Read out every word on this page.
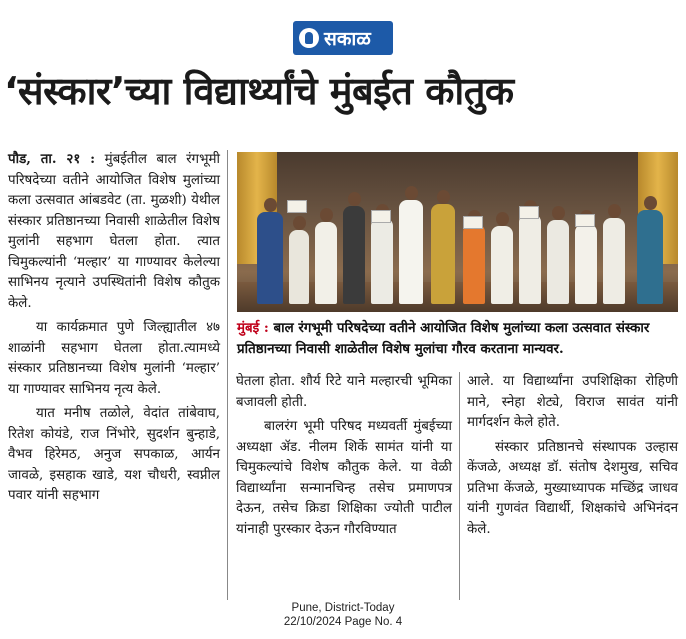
सकाळ
‘संस्कार’च्या विद्यार्थ्यांचे मुंबईत कौतुक

पौड, ता. २१ : मुंबईतील बाल रंगभूमी परिषदेच्या वतीने आयोजित विशेष मुलांच्या कला उत्सवात आंबडवेट (ता. मुळशी) येथील संस्कार प्रतिष्ठानच्या निवासी शाळेतील विशेष मुलांनी सहभाग घेतला होता. त्यात चिमुकल्यांनी ‘मल्हार’ या गाण्यावर केलेल्या साभिनय नृत्याने उपस्थितांनी विशेष कौतुक केले.

या कार्यक्रमात पुणे जिल्ह्यातील ४७ शाळांनी सहभाग घेतला होता.त्यामध्ये संस्कार प्रतिष्ठानच्या विशेष मुलांनी ‘मल्हार’ या गाण्यावर साभिनय नृत्य केले.

यात मनीष तळोले, वेदांत तांबेवाघ, रितेश कोयंडे, राज निंभोरे, सुदर्शन बुन्हाडे, वैभव हिरेमठ, अनुज सपकाळ, आर्यन जावळे, इसहाक खाडे, यश चौधरी, स्वप्नील पवार यांनी सहभाग

मुंबई : बाल रंगभूमी परिषदेच्या वतीने आयोजित विशेष मुलांच्या कला उत्सवात संस्कार प्रतिष्ठानच्या निवासी शाळेतील विशेष मुलांचा गौरव करताना मान्यवर.

घेतला होता. शौर्य रिटे याने मल्हारची भूमिका बजावली होती.

बालरंग भूमी परिषद मध्यवर्ती मुंबईच्या अध्यक्षा ॲड. नीलम शिर्के सामंत यांनी या चिमुकल्यांचे विशेष कौतुक केले. या वेळी विद्यार्थ्यांना सन्मानचिन्ह तसेच प्रमाणपत्र देऊन, तसेच क्रिडा शिक्षिका ज्योती पाटील यांनाही पुरस्कार देऊन गौरविण्यात

आले. या विद्यार्थ्यांना उपशिक्षिका रोहिणी माने, स्नेहा शेट्ये, विराज सावंत यांनी मार्गदर्शन केले होते.

संस्कार प्रतिष्ठानचे संस्थापक उल्हास केंजळे, अध्यक्ष डॉ. संतोष देशमुख, सचिव प्रतिभा केंजळे, मुख्याध्यापक मच्छिंद्र जाधव यांनी गुणवंत विद्यार्थी, शिक्षकांचे अभिनंदन केले.

Pune, District-Today
22/10/2024 Page No. 4
